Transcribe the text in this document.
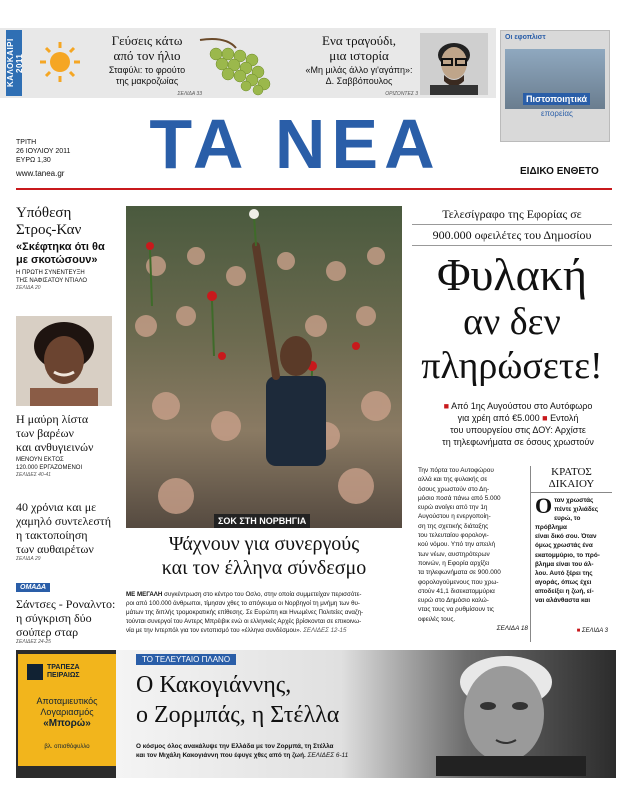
ΚΑΛΟΚΑΙΡΙ 2011
Γεύσεις κάτω
από τον ήλιο
Σταφύλι: το φρούτο
της μακροζωίας
ΣΕΛΙΔΑ 33
Ενα τραγούδι,
μια ιστορία
«Μη μιλάς άλλο γι'αγάπη»:
Δ. Σαββόπουλος
ΟΡΙΖΟΝΤΕΣ 3
Οι εφοπλιστ
Πιστοποιητικά
επορείας
ΤΡΙΤΗ
26 ΙΟΥΛΙΟΥ 2011
ΕΥΡΩ 1,30
www.tanea.gr ΤΑ ΝΕΑ	ΕΙΔΙΚΟ ΕΝΘΕΤΟ
Υπόθεση
Στρος-Καν
«Σκέφτηκα ότι θα
με σκοτώσουν»
Η ΠΡΩΤΗ ΣΥΝΕΝΤΕΥΞΗ
ΤΗΣ ΝΑΦΙΣΑΤΟΥ ΝΤΙΑΛΟ
ΣΕΛΙΔΑ 20
Η μαύρη λίστα
των βαρέων
και ανθυγιεινών
ΜΕΝΟΥΝ ΕΚΤΟΣ
120.000 ΕΡΓΑΖΟΜΕΝΟΙ
ΣΕΛΙΔΕΣ 40-41
40 χρόνια και με
χαμηλό συντελεστή
η τακτοποίηση
των αυθαιρέτων
ΣΕΛΙΔΑ 29
ΟΜΑΔΑ
Σάντσες - Ροναλντο:
η σύγκριση δύο
σούπερ σταρ
ΣΕΛΙΔΕΣ 24-25
ΣΟΚ ΣΤΗ ΝΟΡΒΗΓΙΑ
Ψάχνουν για συνεργούς
και τον έλληνα σύνδεσμο
ΜΕ ΜΕΓΑΛΗ συγκέντρωση στο κέντρο του Οσλο, στην οποία συμμετείχαν περισσότε-
ροι από 100.000 άνθρωποι, τίμησαν χθες το απόγευμα οι Νορβηγοί τη μνήμη των θυ-
μάτων της διπλής τρομοκρατικής επίθεσης. Σε Ευρώπη και Ηνωμένες Πολιτείες αναζη-
τούνται συνεργοί του Αντερς Μπρέιβικ ενώ οι ελληνικές Αρχές βρίσκονται σε επικοινω-
νία με την Ιντερπόλ για τον εντοπισμό του «έλληνα συνδέσμου». ΣΕΛΙΔΕΣ 12-15
Τελεσίγραφο της Εφορίας σε
900.000 οφειλέτες του Δημοσίου
Φυλακή
αν δεν
πληρώσετε!
■ Από 1ης Αυγούστου στο Αυτόφωρο
για χρέη από €5.000 ■ Εντολή
του υπουργείου στις ΔΟΥ: Αρχίστε
τη τηλεφωνήματα σε όσους χρωστούν
Την πόρτα του Αυτοφώρου
αλλά και της φυλακής σε
όσους χρωστούν στο Δη-
μόσιο ποσά πάνω από 5.000
ευρώ ανοίγει από την 1η
Αυγούστου η ενεργοποίη-
ση της σχετικής διάταξης
του τελευταίου φορολογι-
κού νόμου. Υπό την απειλή
των νέων, αυστηρότερων
ποινών, η Εφορία αρχίζει
τα τηλεφωνήματα σε 900.000
φορολογούμενους που χρω-
στούν 41,1 δισεκατομμύρια
ευρώ στο Δημόσιο καλώ-
ντας τους να ρυθμίσουν τις
οφειλές τους.
ΣΕΛΙΔΑ 18
ΚΡΑΤΟΣ
ΔΙΚΑΙΟΥ
Ο ταν χρωστάς
πέντε χιλιάδες
ευρώ, το πρόβλημα
είναι δικό σου. Όταν
όμως χρωστάς ένα
εκατομμύριο, το πρό-
βλημα είναι του άλ-
λου. Αυτό ξέρει της
αγοράς, όπως έχει
αποδείξει η ζωή, εί-
ναι αλάνθαστα και
■ ΣΕΛΙΔΑ 3
ΤΡΑΠΕΖΑ
ΠΕΙΡΑΙΩΣ
Αποταμιευτικός
Λογαριασμός
«Μπορώ»
βλ. οπισθόφυλλο
ΤΟ ΤΕΛΕΥΤΑΙΟ ΠΛΑΝΟ
Ο Κακογιάννης,
ο Ζορμπάς, η Στέλλα
Ο κόσμος όλος ανακάλυψε την Ελλάδα με τον Ζορμπά, τη Στέλλα
και τον Μιχάλη Κακογιάννη που έφυγε χθες από τη ζωή. ΣΕΛΙΔΕΣ 6-11
